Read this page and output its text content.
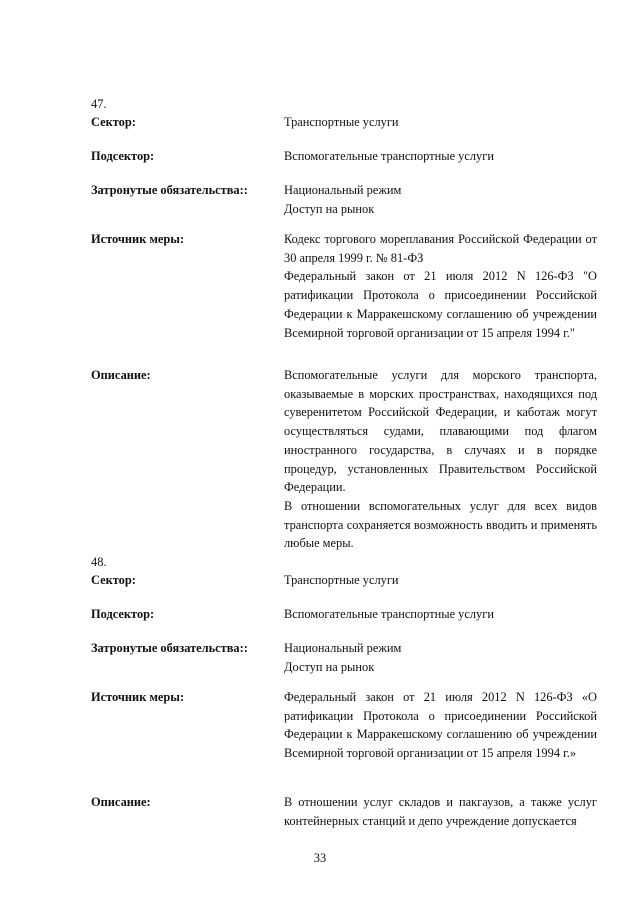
47.
Сектор:	Транспортные услуги
Подсектор:	Вспомогательные транспортные услуги
Затронутые обязательства::	Национальный режим

Доступ на рынок

Источник меры:	Кодекс торгового мореплавания Российской Федерации от 30 апреля 1999 г. № 81-ФЗ

Федеральный закон от 21 июля 2012 N 126-ФЗ "О ратификации Протокола о присоединении Российской Федерации к Марракешскому соглашению об учреждении Всемирной торговой организации от 15 апреля 1994 г."

Описание:	Вспомогательные услуги для морского транспорта, оказываемые в морских пространствах, находящихся под суверенитетом Российской Федерации, и каботаж могут осуществляться судами, плавающими под флагом иностранного государства, в случаях и в порядке процедур, установленных Правительством Российской Федерации.

В отношении вспомогательных услуг для всех видов транспорта сохраняется возможность вводить и применять любые меры.

48.
Сектор:	Транспортные услуги
Подсектор:	Вспомогательные транспортные услуги
Затронутые обязательства::	Национальный режим

Доступ на рынок

Источник меры:	Федеральный закон от 21 июля 2012 N 126-ФЗ «О ратификации Протокола о присоединении Российской Федерации к Марракешскому соглашению об учреждении Всемирной торговой организации от 15 апреля 1994 г.»

Описание:	В отношении услуг складов и пакгаузов, а также услуг контейнерных станций и депо учреждение допускается

33
